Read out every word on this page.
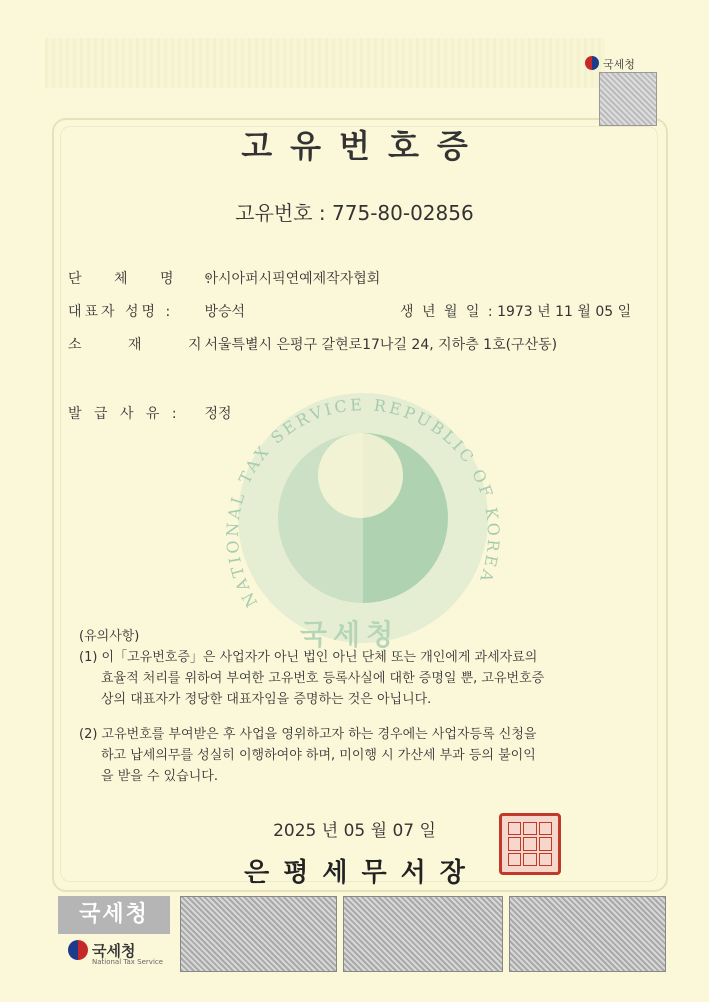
국세청
고유번호증
고유번호 : 775-80-02856
단 체 명 : 아시아퍼시픽연예제작자협회
대표자 성명 : 방승석	생 년 월 일 : 1973 년 11 월 05 일
소 재 지 : 서울특별시 은평구 갈현로17나길 24, 지하층 1호(구산동)
발 급 사 유 : 정정
NATIONAL TAX SERVICE REPUBLIC OF KOREA
국세청

(유의사항)

(1) 이「고유번호증」은 사업자가 아닌 법인 아닌 단체 또는 개인에게 과세자료의

효율적 처리를 위하여 부여한 고유번호 등록사실에 대한 증명일 뿐, 고유번호증

상의 대표자가 정당한 대표자임을 증명하는 것은 아닙니다.

(2) 고유번호를 부여받은 후 사업을 영위하고자 하는 경우에는 사업자등록 신청을

하고 납세의무를 성실히 이행하여야 하며, 미이행 시 가산세 부과 등의 불이익

을 받을 수 있습니다.

2025 년 05 월 07 일
은평세무서장
국세청
국세청
National Tax Service
